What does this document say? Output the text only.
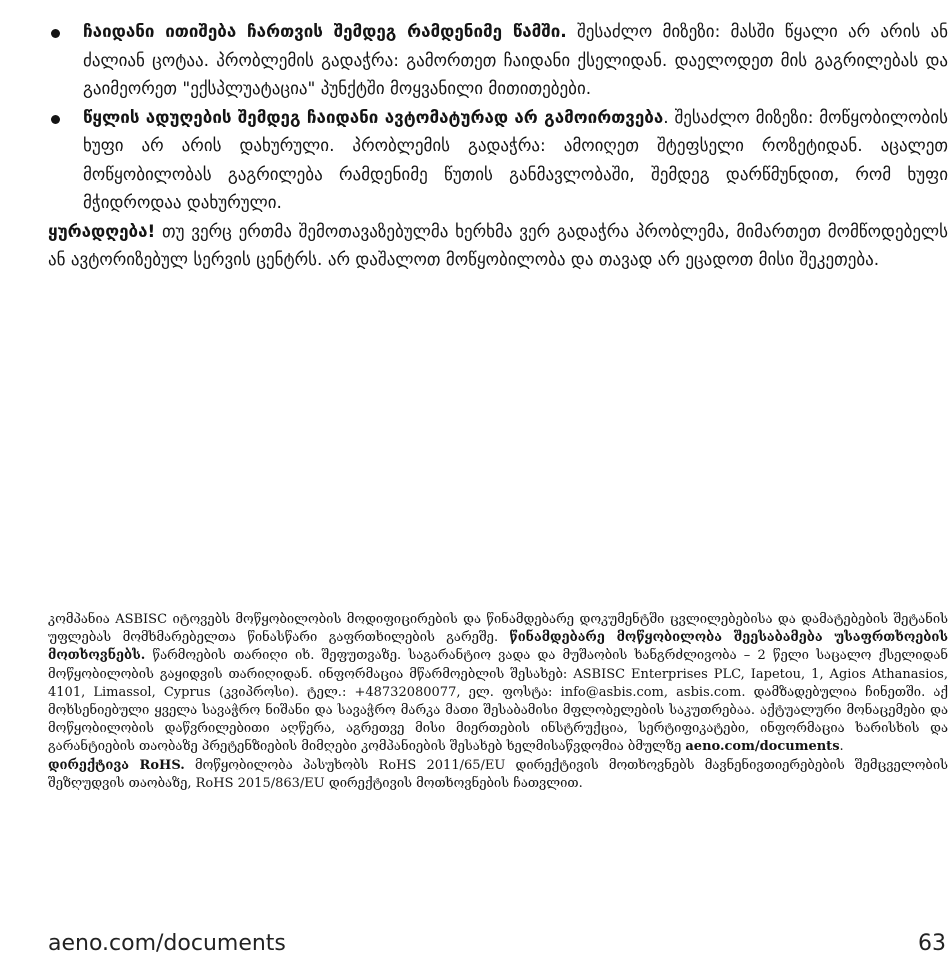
ჩაიდანი ითიშება ჩართვის შემდეგ რამდენიმე წამში. შესაძლო მიზეზი: მასში წყალი არ არის ან ძალიან ცოტაა. პრობლემის გადაჭრა: გამორთეთ ჩაიდანი ქსელიდან. დაელოდეთ მის გაგრილებას და გაიმეორეთ "ექსპლუატაცია" პუნქტში მოყვანილი მითითებები.
წყლის ადუღების შემდეგ ჩაიდანი ავტომატურად არ გამოირთვება. შესაძლო მიზეზი: მოწყობილობის ხუფი არ არის დახურული. პრობლემის გადაჭრა: ამოიღეთ შტეფსელი როზეტიდან. აცალეთ მოწყობილობას გაგრილება რამდენიმე წუთის განმავლობაში, შემდეგ დარწმუნდით, რომ ხუფი მჭიდროდაა დახურული.
ყურადღება! თუ ვერც ერთმა შემოთავაზებულმა ხერხმა ვერ გადაჭრა პრობლემა, მიმართეთ მომწოდებელს ან ავტორიზებულ სერვის ცენტრს. არ დაშალოთ მოწყობილობა და თავად არ ეცადოთ მისი შეკეთება.

კომპანია ASBISC იტოვებს მოწყობილობის მოდიფიცირების და წინამდებარე დოკუმენტში ცვლილებებისა და დამატებების შეტანის უფლებას მომხმარებელთა წინასწარი გაფრთხილების გარეშე. წინამდებარე მოწყობილობა შეესაბამება უსაფრთხოების მოთხოვნებს. წარმოების თარიღი იხ. შეფუთვაზე. საგარანტიო ვადა და მუშაობის ხანგრძლივობა – 2 წელი საცალო ქსელიდან მოწყობილობის გაყიდვის თარიღიდან. ინფორმაცია მწარმოებლის შესახებ: ASBISC Enterprises PLC, Iapetou, 1, Agios Athanasios, 4101, Limassol, Cyprus (კვიპროსი). ტელ.: +48732080077, ელ. ფოსტა: info@asbis.com, asbis.com. დამზადებულია ჩინეთში. აქ მოხსენიებული ყველა სავაჭრო ნიშანი და სავაჭრო მარკა მათი შესაბამისი მფლობელების საკუთრებაა. აქტუალური მონაცემები და მოწყობილობის დაწვრილებითი აღწერა, აგრეთვე მისი მიერთების ინსტრუქცია, სერტიფიკატები, ინფორმაცია ხარისხის და გარანტიების თაობაზე პრეტენზიების მიმღები კომპანიების შესახებ ხელმისაწვდომია ბმულზე aeno.com/documents.

დირექტივა RoHS. მოწყობილობა პასუხობს RoHS 2011/65/EU დირექტივის მოთხოვნებს მავნენივთიერებების შემცველობის შეზღუდვის თაობაზე, RoHS 2015/863/EU დირექტივის მოთხოვნების ჩათვლით.

aeno.com/documents	63
